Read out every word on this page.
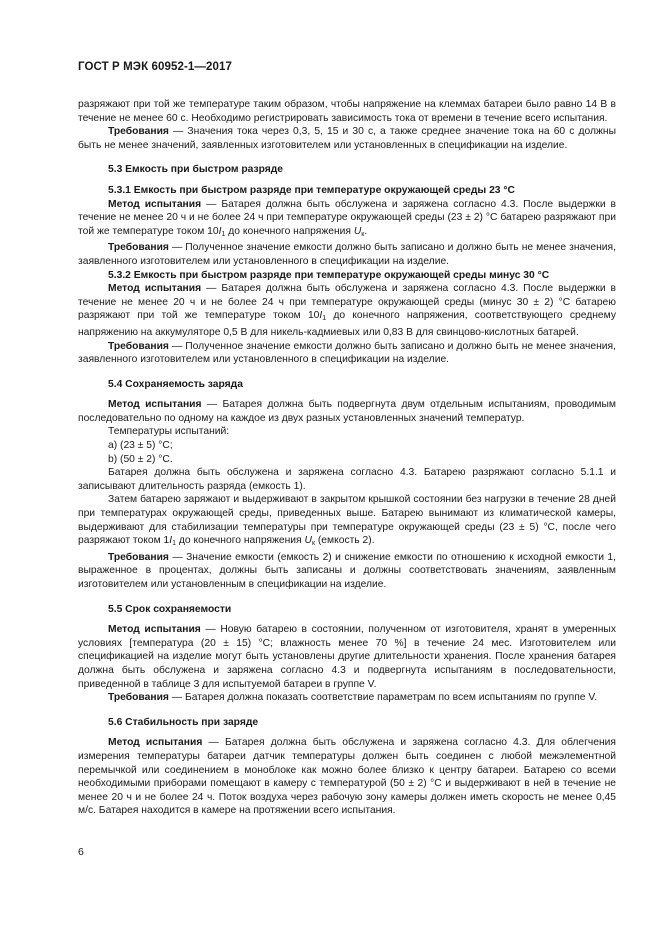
ГОСТ Р МЭК 60952-1—2017

разряжают при той же температуре таким образом, чтобы напряжение на клеммах батареи было равно 14 В в течение не менее 60 с. Необходимо регистрировать зависимость тока от времени в течение всего испытания.

Требования — Значения тока через 0,3, 5, 15 и 30 с, а также среднее значение тока на 60 с должны быть не менее значений, заявленных изготовителем или установленных в спецификации на изделие.

5.3 Емкость при быстром разряде

5.3.1 Емкость при быстром разряде при температуре окружающей среды 23 °С

Метод испытания — Батарея должна быть обслужена и заряжена согласно 4.3. После выдержки в течение не менее 20 ч и не более 24 ч при температуре окружающей среды (23 ± 2) °С батарею разряжают при той же температуре током 10I1 до конечного напряжения Uк.

Требования — Полученное значение емкости должно быть записано и должно быть не менее значения, заявленного изготовителем или установленного в спецификации на изделие.

5.3.2 Емкость при быстром разряде при температуре окружающей среды минус 30 °С

Метод испытания — Батарея должна быть обслужена и заряжена согласно 4.3. После выдержки в течение не менее 20 ч и не более 24 ч при температуре окружающей среды (минус 30 ± 2) °С батарею разряжают при той же температуре током 10I1 до конечного напряжения, соответствующего среднему напряжению на аккумуляторе 0,5 В для никель-кадмиевых или 0,83 В для свинцово-кислотных батарей.

Требования — Полученное значение емкости должно быть записано и должно быть не менее значения, заявленного изготовителем или установленного в спецификации на изделие.

5.4 Сохраняемость заряда

Метод испытания — Батарея должна быть подвергнута двум отдельным испытаниям, проводимым последовательно по одному на каждое из двух разных установленных значений температур.

Температуры испытаний:

a) (23 ± 5) °С;

b) (50 ± 2) °С.

Батарея должна быть обслужена и заряжена согласно 4.3. Батарею разряжают согласно 5.1.1 и записывают длительность разряда (емкость 1).

Затем батарею заряжают и выдерживают в закрытом крышкой состоянии без нагрузки в течение 28 дней при температурах окружающей среды, приведенных выше. Батарею вынимают из климатической камеры, выдерживают для стабилизации температуры при температуре окружающей среды (23 ± 5) °С, после чего разряжают током 1I1 до конечного напряжения Uк (емкость 2).

Требования — Значение емкости (емкость 2) и снижение емкости по отношению к исходной емкости 1, выраженное в процентах, должны быть записаны и должны соответствовать значениям, заявленным изготовителем или установленным в спецификации на изделие.

5.5 Срок сохраняемости

Метод испытания — Новую батарею в состоянии, полученном от изготовителя, хранят в умеренных условиях [температура (20 ± 15) °С; влажность менее 70 %] в течение 24 мес. Изготовителем или спецификацией на изделие могут быть установлены другие длительности хранения. После хранения батарея должна быть обслужена и заряжена согласно 4.3 и подвергнута испытаниям в последовательности, приведенной в таблице 3 для испытуемой батареи в группе V.

Требования — Батарея должна показать соответствие параметрам по всем испытаниям по группе V.

5.6 Стабильность при заряде

Метод испытания — Батарея должна быть обслужена и заряжена согласно 4.3. Для облегчения измерения температуры батареи датчик температуры должен быть соединен с любой межэлементной перемычкой или соединением в моноблоке как можно более близко к центру батареи. Батарею со всеми необходимыми приборами помещают в камеру с температурой (50 ± 2) °С и выдерживают в ней в течение не менее 20 ч и не более 24 ч. Поток воздуха через рабочую зону камеры должен иметь скорость не менее 0,45 м/с. Батарея находится в камере на протяжении всего испытания.

6
